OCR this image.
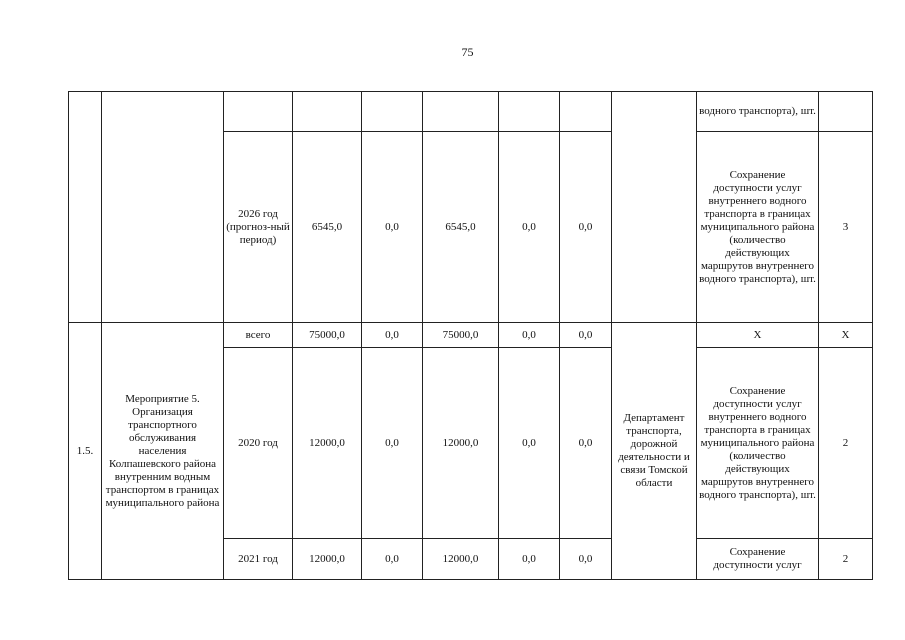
75
									водного транспорта), шт.	
		2026 год (прогноз-ный период)	6545,0	0,0	6545,0	0,0	0,0		Сохранение доступности услуг внутреннего водного транспорта в границах муниципального района (количество действующих маршрутов внутреннего водного транспорта), шт.	3
1.5.	Мероприятие 5. Организация транспортного обслуживания населения Колпашевского района внутренним водным транспортом в границах муниципального района	всего	75000,0	0,0	75000,0	0,0	0,0	Департамент транспорта, дорожной деятельности и связи Томской области	Х	Х
		2020 год	12000,0	0,0	12000,0	0,0	0,0		Сохранение доступности услуг внутреннего водного транспорта в границах муниципального района (количество действующих маршрутов внутреннего водного транспорта), шт.	2
		2021 год	12000,0	0,0	12000,0	0,0	0,0		Сохранение доступности услуг	2
